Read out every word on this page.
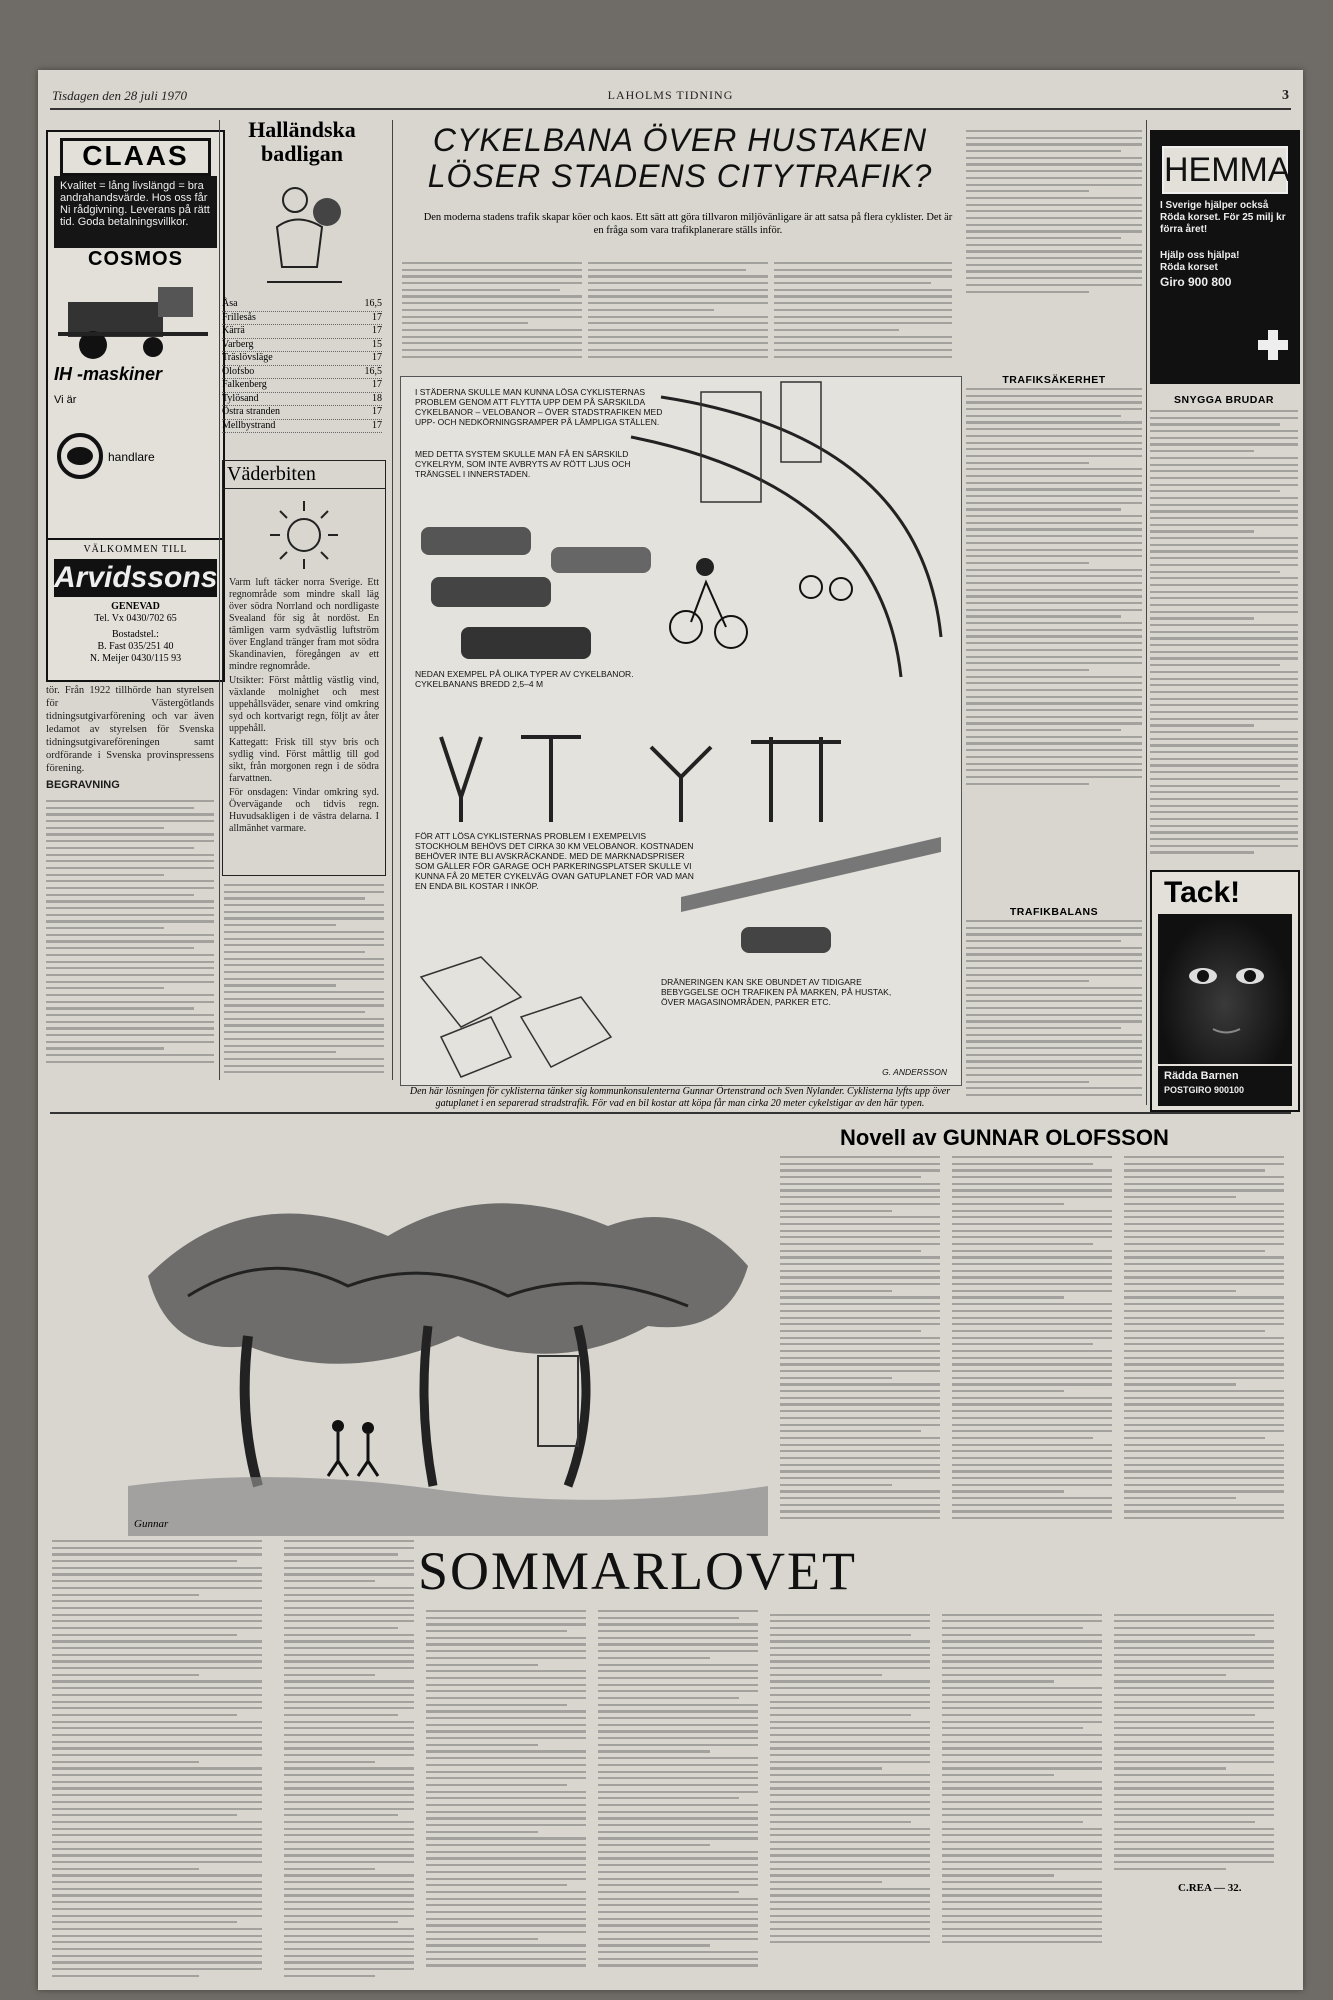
Tisdagen den 28 juli 1970	LAHOLMS TIDNING	3
CLAAS
Kvalitet = lång livslängd = bra andrahandsvärde. Hos oss får Ni rådgivning. Leverans på rätt tid. Goda betalningsvillkor.
COSMOS
IH -maskiner
Vi är
handlare
VÄLKOMMEN TILL
Arvidssons
GENEVAD
Tel. Vx 0430/702 65
Bostadstel.:
B. Fast 035/251 40
N. Meijer 0430/115 93
tör. Från 1922 tillhörde han styrelsen för Västergötlands tidningsutgivarförening och var även ledamot av styrelsen för Svenska tidningsutgivareföreningen samt ordförande i Svenska provinspressens förening.
BEGRAVNING
Halländska badligan
Åsa	16,5
Frillesås	17
Kärrä	17
Varberg	15
Träslövsläge	17
Olofsbo	16,5
Falkenberg	17
Tylösand	18
Östra stranden	17
Mellbystrand	17
Väderbiten

Varm luft täcker norra Sverige. Ett regnområde som mindre skall läg över södra Norrland och nordligaste Svealand för sig åt nordöst. En tämligen varm sydvästlig luftström över England tränger fram mot södra Skandinavien, föregången av ett mindre regnområde.

Utsikter: Först måttlig västlig vind, växlande molnighet och mest uppehållsväder, senare vind omkring syd och kortvarigt regn, följt av åter uppehåll.

Kattegatt: Frisk till styv bris och sydlig vind. Först måttlig till god sikt, från morgonen regn i de södra farvattnen.

För onsdagen: Vindar omkring syd. Övervägande och tidvis regn. Huvudsakligen i de västra delarna. I allmänhet varmare.

CYKELBANA ÖVER HUSTAKEN
LÖSER STADENS CITYTRAFIK?
Den moderna stadens trafik skapar köer och kaos. Ett sätt att göra tillvaron miljövänligare är att satsa på flera cyklister. Det är en fråga som vara trafikplanerare ställs inför.
I STÄDERNA SKULLE MAN KUNNA LÖSA CYKLISTERNAS PROBLEM GENOM ATT FLYTTA UPP DEM PÅ SÄRSKILDA CYKELBANOR – VELOBANOR – ÖVER STADSTRAFIKEN MED UPP- OCH NEDKÖRNINGSRAMPER PÅ LÄMPLIGA STÄLLEN.
MED DETTA SYSTEM SKULLE MAN FÅ EN SÄRSKILD CYKELRYM, SOM INTE AVBRYTS AV RÖTT LJUS OCH TRÄNGSEL I INNERSTADEN.
NEDAN EXEMPEL PÅ OLIKA TYPER AV CYKELBANOR. CYKELBANANS BREDD 2,5–4 M
FÖR ATT LÖSA CYKLISTERNAS PROBLEM I EXEMPELVIS STOCKHOLM BEHÖVS DET CIRKA 30 KM VELOBANOR. KOSTNADEN BEHÖVER INTE BLI AVSKRÄCKANDE. MED DE MARKNADSPRISER SOM GÄLLER FÖR GARAGE OCH PARKERINGSPLATSER SKULLE VI KUNNA FÅ 20 METER CYKELVÄG OVAN GATUPLANET FÖR VAD MAN EN ENDA BIL KOSTAR I INKÖP.
DRÄNERINGEN KAN SKE OBUNDET AV TIDIGARE BEBYGGELSE OCH TRAFIKEN PÅ MARKEN, PÅ HUSTAK, ÖVER MAGASINOMRÅDEN, PARKER ETC.
G. ANDERSSON
Den här lösningen för cyklisterna tänker sig kommunkonsulenterna Gunnar Örtenstrand och Sven Nylander. Cyklisterna lyfts upp över gatuplanet i en separerad stradstrafik. För vad en bil kostar att köpa får man cirka 20 meter cykelstigar av den här typen.
TRAFIKSÄKERHET
TRAFIKBALANS
HEMMA
I Sverige hjälper också Röda korset. För 25 milj kr förra året!
Hjälp oss hjälpa! Röda korset
Giro 900 800
SNYGGA BRUDAR
Tack!
Rädda Barnen
POSTGIRO 900100
Novell av GUNNAR OLOFSSON
Gunnar
SOMMARLOVET
C.REA — 32.
